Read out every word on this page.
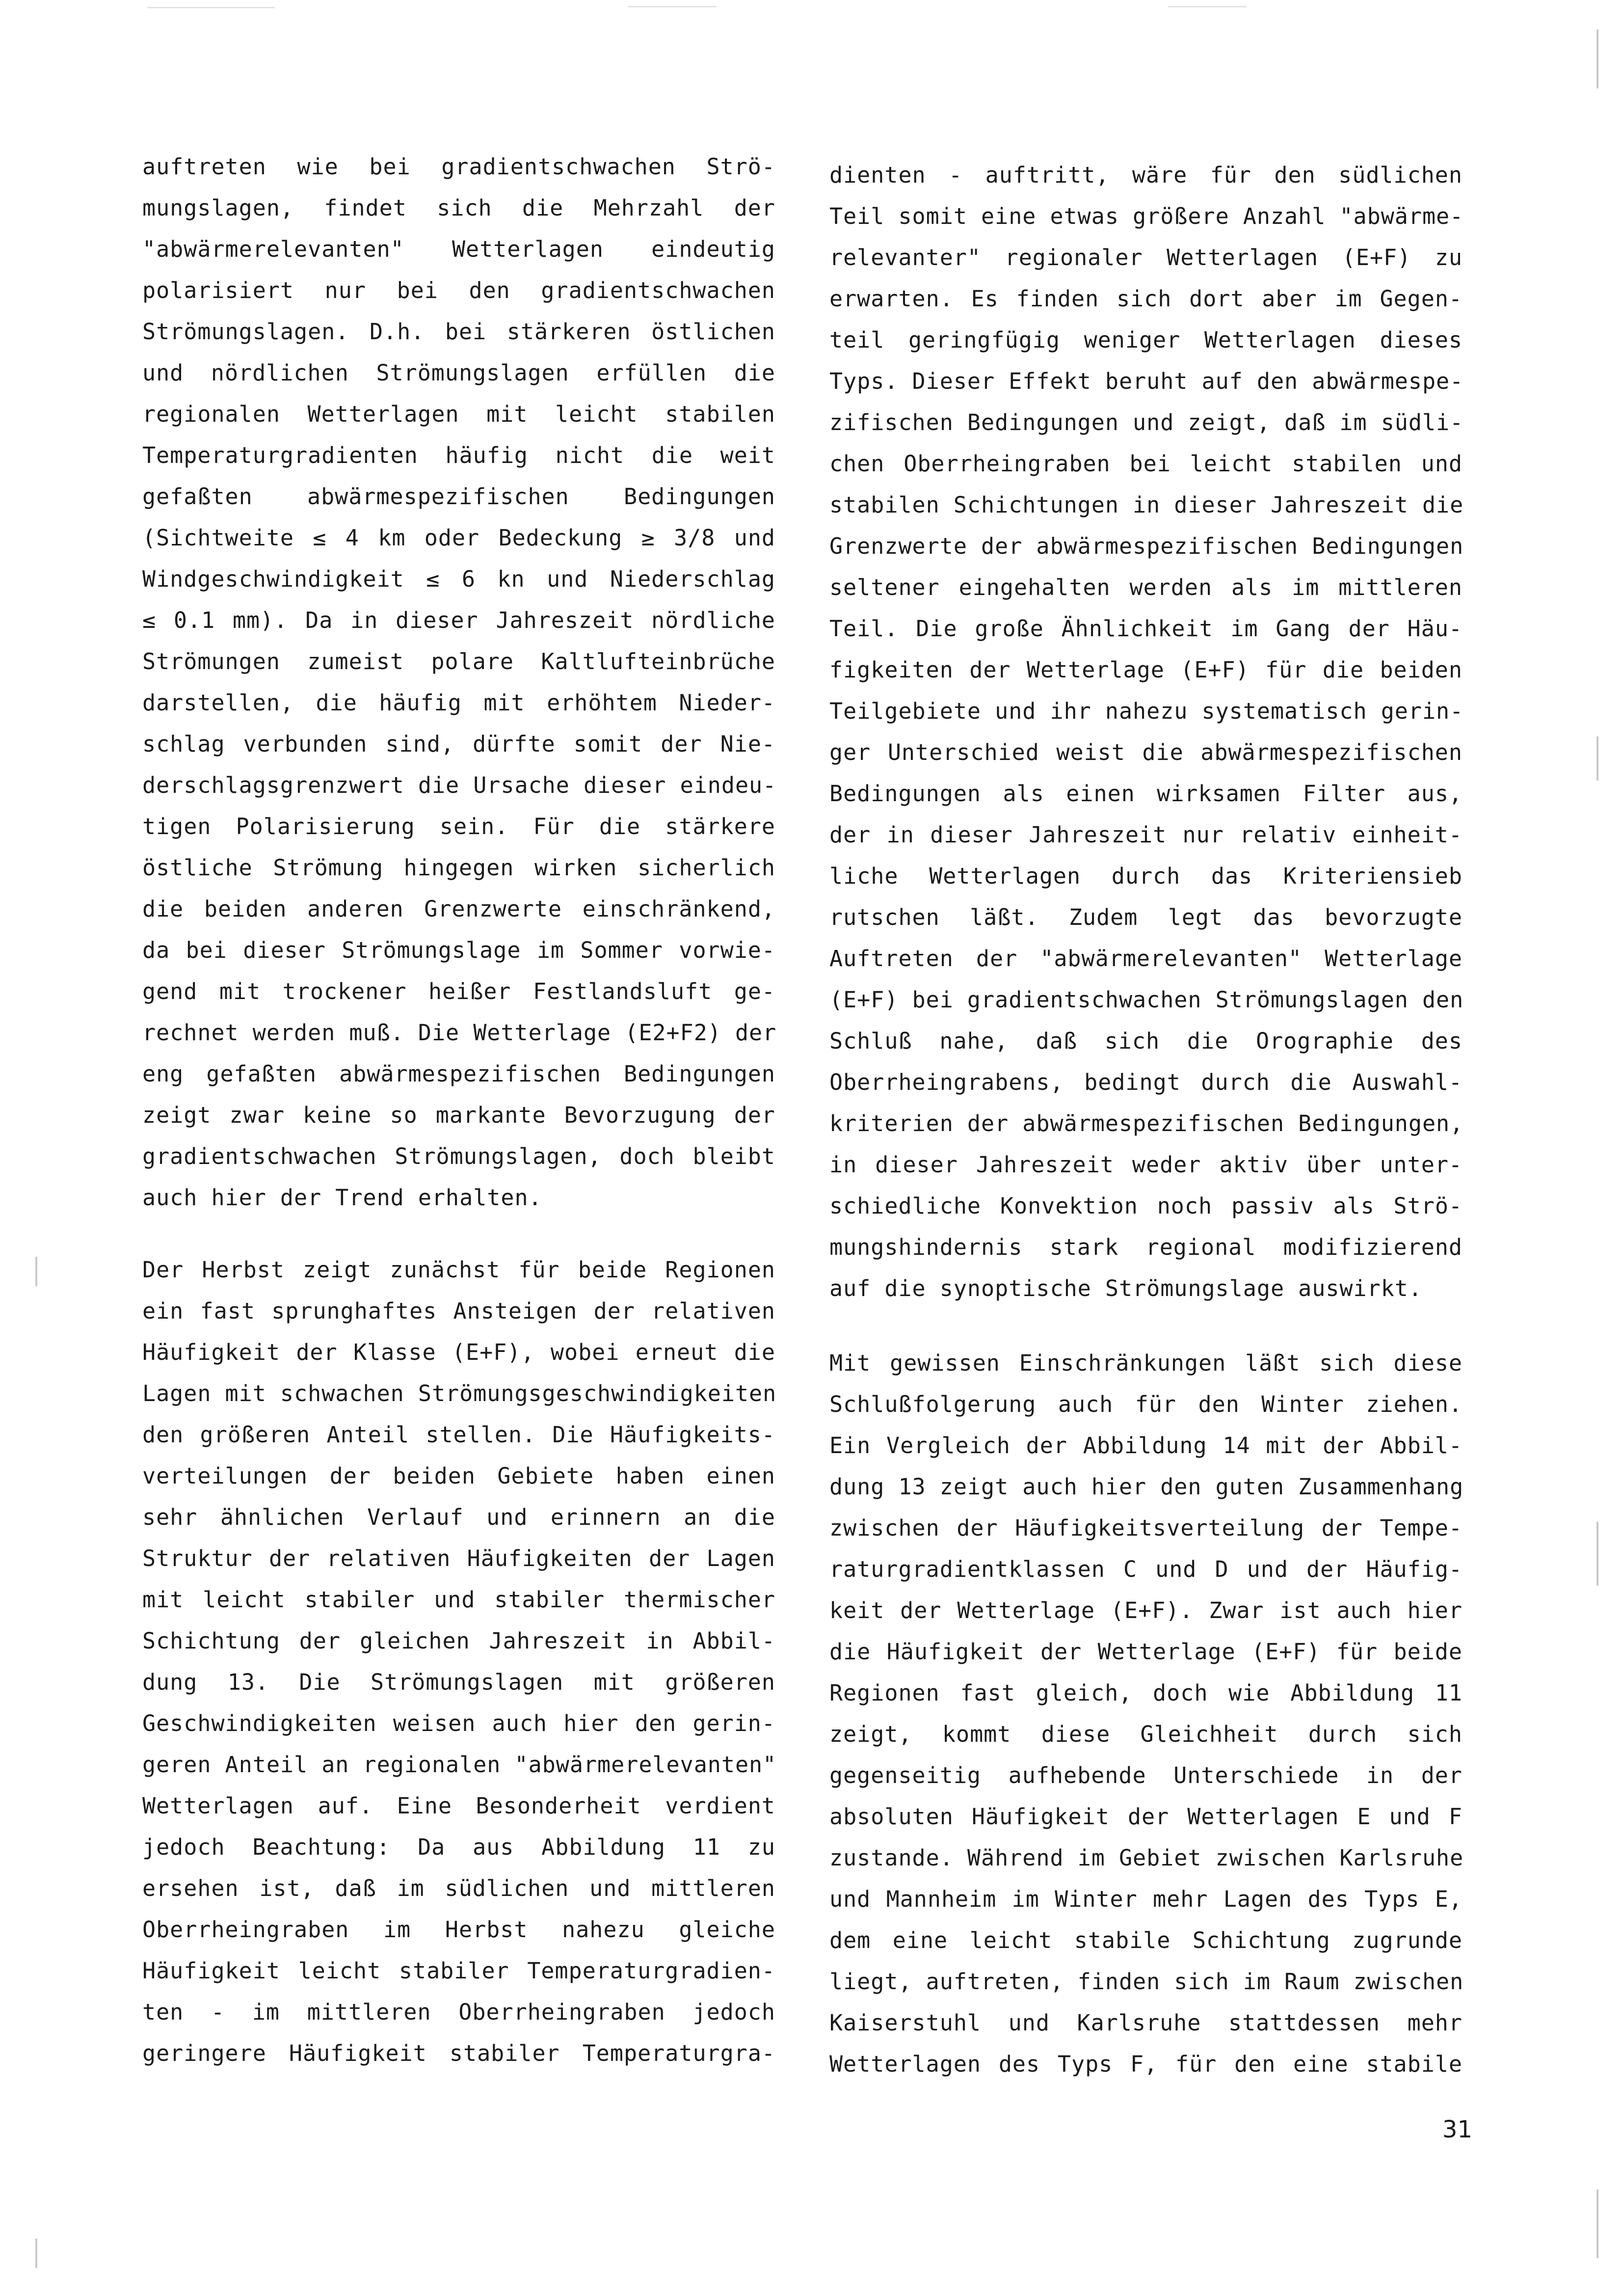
auftreten wie bei gradientschwachen Strö-
mungslagen, findet sich die Mehrzahl der
"abwärmerelevanten" Wetterlagen eindeutig
polarisiert nur bei den gradientschwachen
Strömungslagen. D.h. bei stärkeren östlichen
und nördlichen Strömungslagen erfüllen die
regionalen Wetterlagen mit leicht stabilen
Temperaturgradienten häufig nicht die weit
gefaßten abwärmespezifischen Bedingungen
(Sichtweite ≤ 4 km oder Bedeckung ≥ 3/8 und
Windgeschwindigkeit ≤ 6 kn und Niederschlag
≤ 0.1 mm). Da in dieser Jahreszeit nördliche
Strömungen zumeist polare Kaltlufteinbrüche
darstellen, die häufig mit erhöhtem Nieder-
schlag verbunden sind, dürfte somit der Nie-
derschlagsgrenzwert die Ursache dieser eindeu-
tigen Polarisierung sein. Für die stärkere
östliche Strömung hingegen wirken sicherlich
die beiden anderen Grenzwerte einschränkend,
da bei dieser Strömungslage im Sommer vorwie-
gend mit trockener heißer Festlandsluft ge-
rechnet werden muß. Die Wetterlage (E2+F2) der
eng gefaßten abwärmespezifischen Bedingungen
zeigt zwar keine so markante Bevorzugung der
gradientschwachen Strömungslagen, doch bleibt
auch hier der Trend erhalten.
Der Herbst zeigt zunächst für beide Regionen
ein fast sprunghaftes Ansteigen der relativen
Häufigkeit der Klasse (E+F), wobei erneut die
Lagen mit schwachen Strömungsgeschwindigkeiten
den größeren Anteil stellen. Die Häufigkeits-
verteilungen der beiden Gebiete haben einen
sehr ähnlichen Verlauf und erinnern an die
Struktur der relativen Häufigkeiten der Lagen
mit leicht stabiler und stabiler thermischer
Schichtung der gleichen Jahreszeit in Abbil-
dung 13. Die Strömungslagen mit größeren
Geschwindigkeiten weisen auch hier den gerin-
geren Anteil an regionalen "abwärmerelevanten"
Wetterlagen auf. Eine Besonderheit verdient
jedoch Beachtung: Da aus Abbildung 11 zu
ersehen ist, daß im südlichen und mittleren
Oberrheingraben im Herbst nahezu gleiche
Häufigkeit leicht stabiler Temperaturgradien-
ten - im mittleren Oberrheingraben jedoch
geringere Häufigkeit stabiler Temperaturgra-
dienten - auftritt, wäre für den südlichen
Teil somit eine etwas größere Anzahl "abwärme-
relevanter" regionaler Wetterlagen (E+F) zu
erwarten. Es finden sich dort aber im Gegen-
teil geringfügig weniger Wetterlagen dieses
Typs. Dieser Effekt beruht auf den abwärmespe-
zifischen Bedingungen und zeigt, daß im südli-
chen Oberrheingraben bei leicht stabilen und
stabilen Schichtungen in dieser Jahreszeit die
Grenzwerte der abwärmespezifischen Bedingungen
seltener eingehalten werden als im mittleren
Teil. Die große Ähnlichkeit im Gang der Häu-
figkeiten der Wetterlage (E+F) für die beiden
Teilgebiete und ihr nahezu systematisch gerin-
ger Unterschied weist die abwärmespezifischen
Bedingungen als einen wirksamen Filter aus,
der in dieser Jahreszeit nur relativ einheit-
liche Wetterlagen durch das Kriteriensieb
rutschen läßt. Zudem legt das bevorzugte
Auftreten der "abwärmerelevanten" Wetterlage
(E+F) bei gradientschwachen Strömungslagen den
Schluß nahe, daß sich die Orographie des
Oberrheingrabens, bedingt durch die Auswahl-
kriterien der abwärmespezifischen Bedingungen,
in dieser Jahreszeit weder aktiv über unter-
schiedliche Konvektion noch passiv als Strö-
mungshindernis stark regional modifizierend
auf die synoptische Strömungslage auswirkt.
Mit gewissen Einschränkungen läßt sich diese
Schlußfolgerung auch für den Winter ziehen.
Ein Vergleich der Abbildung 14 mit der Abbil-
dung 13 zeigt auch hier den guten Zusammenhang
zwischen der Häufigkeitsverteilung der Tempe-
raturgradientklassen C und D und der Häufig-
keit der Wetterlage (E+F). Zwar ist auch hier
die Häufigkeit der Wetterlage (E+F) für beide
Regionen fast gleich, doch wie Abbildung 11
zeigt, kommt diese Gleichheit durch sich
gegenseitig aufhebende Unterschiede in der
absoluten Häufigkeit der Wetterlagen E und F
zustande. Während im Gebiet zwischen Karlsruhe
und Mannheim im Winter mehr Lagen des Typs E,
dem eine leicht stabile Schichtung zugrunde
liegt, auftreten, finden sich im Raum zwischen
Kaiserstuhl und Karlsruhe stattdessen mehr
Wetterlagen des Typs F, für den eine stabile
31
